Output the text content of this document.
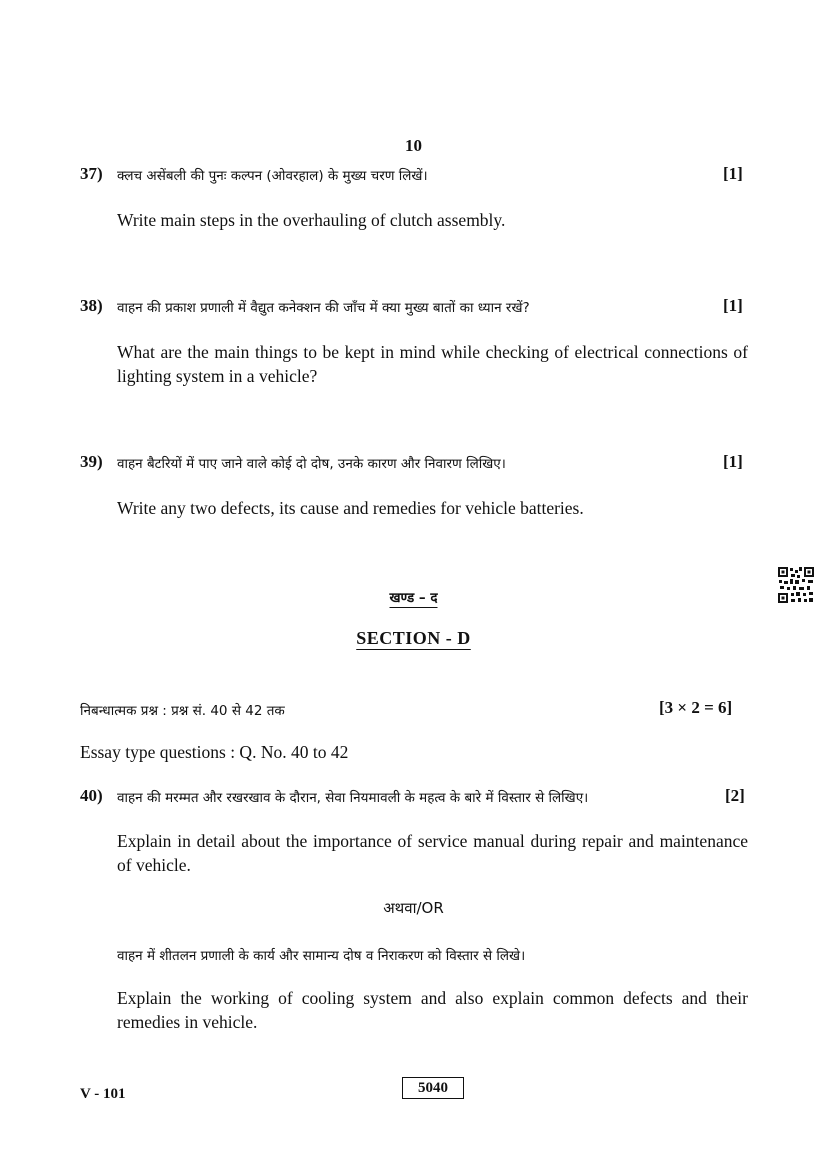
10
37) क्लच असेंबली की पुनः कल्पन (ओवरहाल) के मुख्य चरण लिखें।	[1]
Write main steps in the overhauling of clutch assembly.
38) वाहन की प्रकाश प्रणाली में वैद्युत कनेक्शन की जाँच में क्या मुख्य बातों का ध्यान रखें?	[1]
What are the main things to be kept in mind while checking of electrical connections of lighting system in a vehicle?
39) वाहन बैटरियों में पाए जाने वाले कोई दो दोष, उनके कारण और निवारण लिखिए।	[1]
Write any two defects, its cause and remedies for vehicle batteries.
खण्ड – द
SECTION - D
निबन्धात्मक प्रश्न : प्रश्न सं. 40 से 42 तक	[3 × 2 = 6]
Essay type questions : Q. No. 40 to 42
40) वाहन की मरम्मत और रखरखाव के दौरान, सेवा नियमावली के महत्व के बारे में विस्तार से लिखिए।	[2]
Explain in detail about the importance of service manual during repair and maintenance of vehicle.
अथवा/OR
वाहन में शीतलन प्रणाली के कार्य और सामान्य दोष व निराकरण को विस्तार से लिखे।
Explain the working of cooling system and also explain common defects and their remedies in vehicle.
V - 101	5040
